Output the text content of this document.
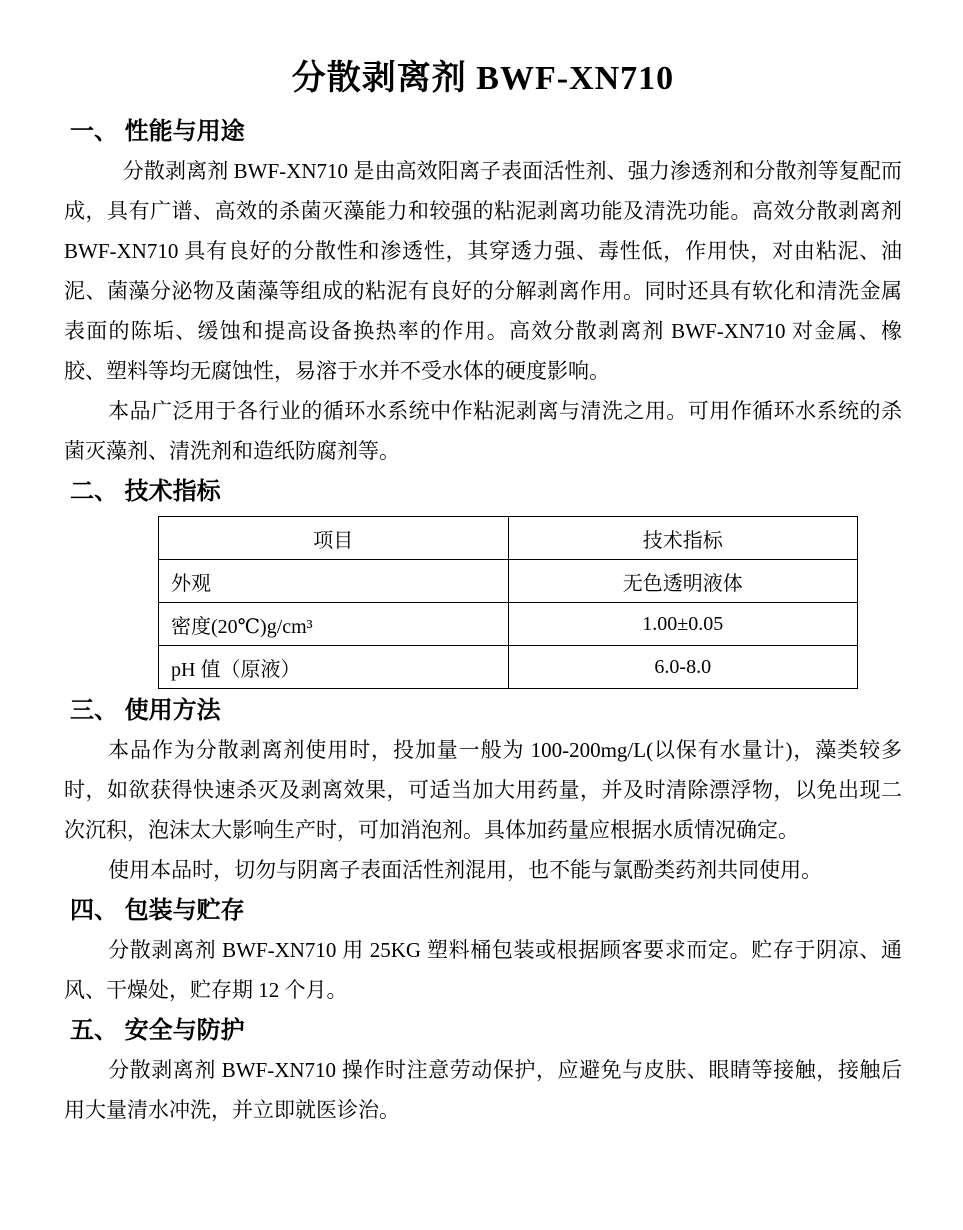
分散剥离剂 BWF-XN710
一、 性能与用途

分散剥离剂 BWF-XN710 是由高效阳离子表面活性剂、强力渗透剂和分散剂等复配而成，具有广谱、高效的杀菌灭藻能力和较强的粘泥剥离功能及清洗功能。高效分散剥离剂 BWF-XN710 具有良好的分散性和渗透性，其穿透力强、毒性低，作用快，对由粘泥、油泥、菌藻分泌物及菌藻等组成的粘泥有良好的分解剥离作用。同时还具有软化和清洗金属表面的陈垢、缓蚀和提高设备换热率的作用。高效分散剥离剂 BWF-XN710 对金属、橡胶、塑料等均无腐蚀性，易溶于水并不受水体的硬度影响。

本品广泛用于各行业的循环水系统中作粘泥剥离与清洗之用。可用作循环水系统的杀菌灭藻剂、清洗剂和造纸防腐剂等。

二、 技术指标
项目	技术指标
外观	无色透明液体
密度(20℃)g/cm³	1.00±0.05
pH 值（原液）	6.0-8.0
三、 使用方法

本品作为分散剥离剂使用时，投加量一般为 100-200mg/L(以保有水量计)，藻类较多时，如欲获得快速杀灭及剥离效果，可适当加大用药量，并及时清除漂浮物，以免出现二次沉积，泡沫太大影响生产时，可加消泡剂。具体加药量应根据水质情况确定。

使用本品时，切勿与阴离子表面活性剂混用，也不能与氯酚类药剂共同使用。

四、 包装与贮存

分散剥离剂 BWF-XN710 用 25KG 塑料桶包装或根据顾客要求而定。贮存于阴凉、通风、干燥处，贮存期 12 个月。

五、 安全与防护

分散剥离剂 BWF-XN710 操作时注意劳动保护，应避免与皮肤、眼睛等接触，接触后用大量清水冲洗，并立即就医诊治。
